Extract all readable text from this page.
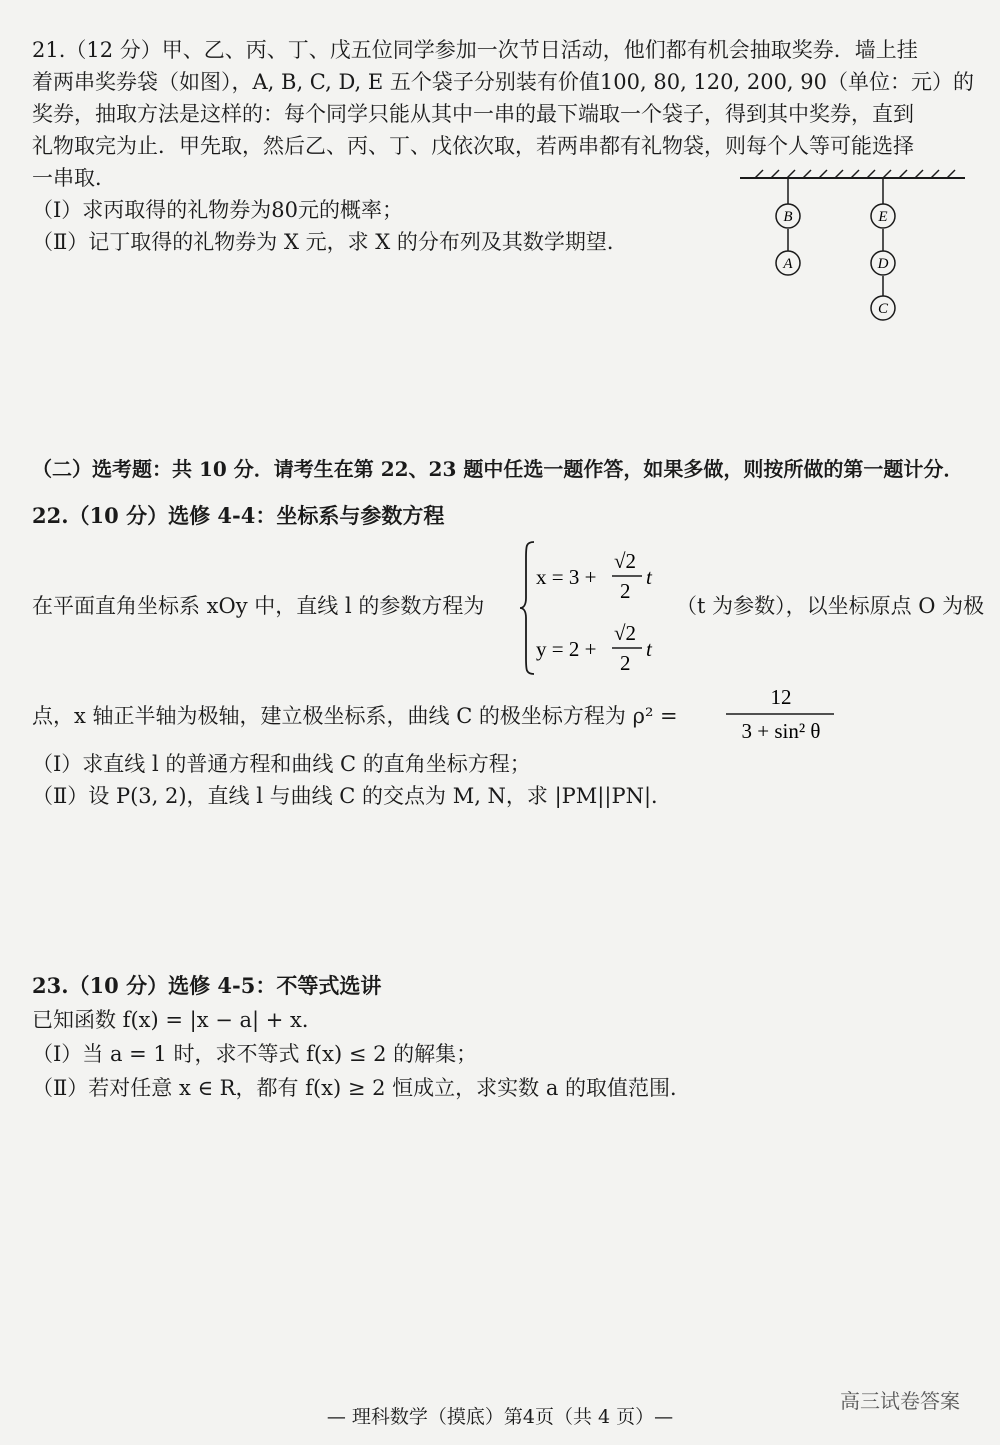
21.（12 分）甲、乙、丙、丁、戊五位同学参加一次节日活动，他们都有机会抽取奖券．墙上挂
着两串奖券袋（如图），A, B, C, D, E 五个袋子分别装有价值100, 80, 120, 200, 90（单位：元）的
奖券，抽取方法是这样的：每个同学只能从其中一串的最下端取一个袋子，得到其中奖券，直到
礼物取完为止．甲先取，然后乙、丙、丁、戊依次取，若两串都有礼物袋，则每个人等可能选择
一串取．
（Ⅰ）求丙取得的礼物券为80元的概率；
（Ⅱ）记丁取得的礼物券为 X 元，求 X 的分布列及其数学期望．
B
A
E
D
C
（二）选考题：共 10 分．请考生在第 22、23 题中任选一题作答，如果多做，则按所做的第一题计分．
22.（10 分）选修 4-4：坐标系与参数方程
在平面直角坐标系 xOy 中，直线 l 的参数方程为
x = 3 +
√2
2
t
y = 2 +
√2
2
t
（t 为参数），以坐标原点 O 为极
点，x 轴正半轴为极轴，建立极坐标系，曲线 C 的极坐标方程为 ρ² =
12
3 + sin² θ
（Ⅰ）求直线 l 的普通方程和曲线 C 的直角坐标方程；
（Ⅱ）设 P(3, 2)，直线 l 与曲线 C 的交点为 M, N，求 |PM||PN|．
23.（10 分）选修 4-5：不等式选讲
已知函数 f(x) = |x − a| + x．
（Ⅰ）当 a = 1 时，求不等式 f(x) ≤ 2 的解集；
（Ⅱ）若对任意 x ∈ R，都有 f(x) ≥ 2 恒成立，求实数 a 的取值范围．
— 理科数学（摸底）第4页（共 4 页）—
高三试卷答案
